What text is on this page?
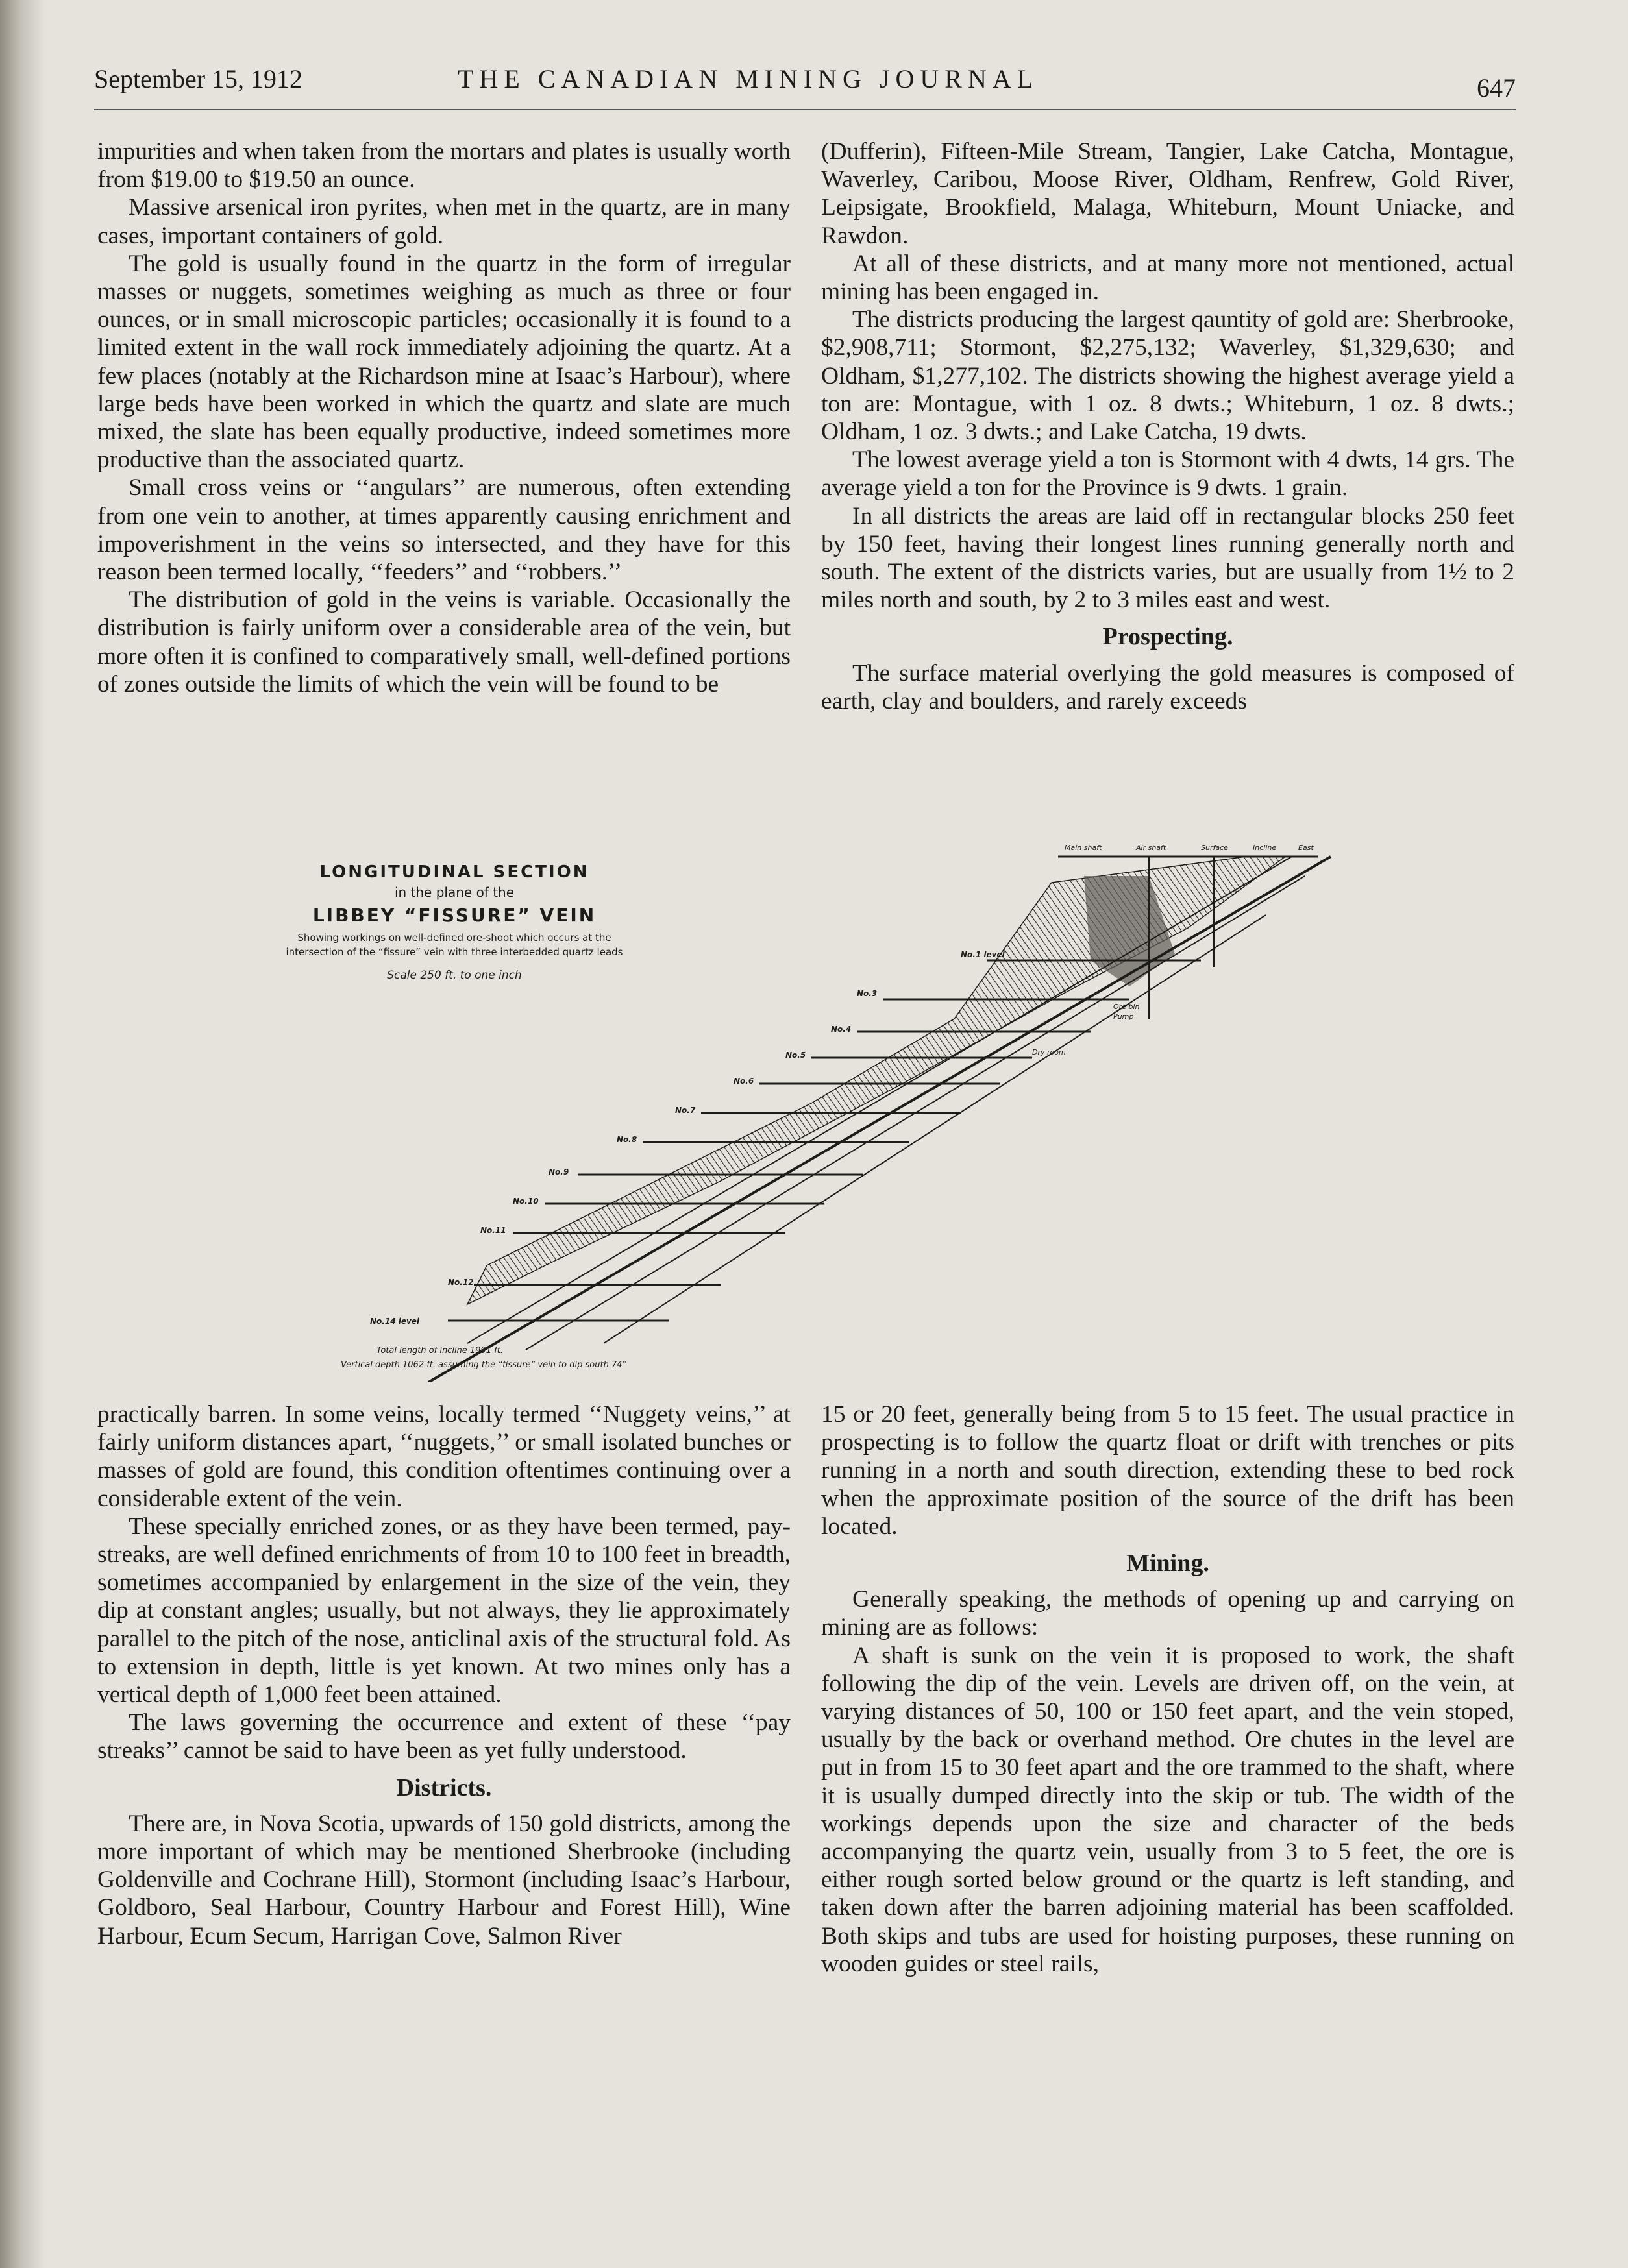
September 15, 1912	THE CANADIAN MINING JOURNAL	647

impurities and when taken from the mortars and plates is usually worth from $19.00 to $19.50 an ounce.

Massive arsenical iron pyrites, when met in the quartz, are in many cases, important containers of gold.

The gold is usually found in the quartz in the form of irregular masses or nuggets, sometimes weighing as much as three or four ounces, or in small microscopic particles; occasionally it is found to a limited extent in the wall rock immediately adjoining the quartz. At a few places (notably at the Richardson mine at Isaac’s Harbour), where large beds have been worked in which the quartz and slate are much mixed, the slate has been equally productive, indeed sometimes more productive than the associated quartz.

Small cross veins or ‘‘angulars’’ are numerous, often extending from one vein to another, at times apparently causing enrichment and impoverishment in the veins so intersected, and they have for this reason been termed locally, ‘‘feeders’’ and ‘‘robbers.’’

The distribution of gold in the veins is variable. Occasionally the distribution is fairly uniform over a considerable area of the vein, but more often it is confined to comparatively small, well-defined portions of zones outside the limits of which the vein will be found to be

(Dufferin), Fifteen-Mile Stream, Tangier, Lake Catcha, Montague, Waverley, Caribou, Moose River, Oldham, Renfrew, Gold River, Leipsigate, Brookfield, Malaga, Whiteburn, Mount Uniacke, and Rawdon.

At all of these districts, and at many more not mentioned, actual mining has been engaged in.

The districts producing the largest qauntity of gold are: Sherbrooke, $2,908,711; Stormont, $2,275,132; Waverley, $1,329,630; and Oldham, $1,277,102. The districts showing the highest average yield a ton are: Montague, with 1 oz. 8 dwts.; Whiteburn, 1 oz. 8 dwts.; Oldham, 1 oz. 3 dwts.; and Lake Catcha, 19 dwts.

The lowest average yield a ton is Stormont with 4 dwts, 14 grs. The average yield a ton for the Province is 9 dwts. 1 grain.

In all districts the areas are laid off in rectangular blocks 250 feet by 150 feet, having their longest lines running generally north and south. The extent of the districts varies, but are usually from 1½ to 2 miles north and south, by 2 to 3 miles east and west.

Prospecting.

The surface material overlying the gold measures is composed of earth, clay and boulders, and rarely exceeds

LONGITUDINAL SECTION
in the plane of the
LIBBEY “FISSURE” VEIN
Showing workings on well-defined ore-shoot which occurs at the
intersection of the “fissure” vein with three interbedded quartz leads
Scale 250 ft. to one inch
Main shaft	Air shaft	Surface	Incline	East
No.1 level
No.3
No.4
No.5
No.6
No.7
No.8
No.9
No.10
No.11
No.12
No.14 level
Ore bin
Pump
Dry room
Total length of incline 1991 ft.
Vertical depth 1062 ft. assuming the “fissure” vein to dip south 74°

practically barren. In some veins, locally termed ‘‘Nuggety veins,’’ at fairly uniform distances apart, ‘‘nuggets,’’ or small isolated bunches or masses of gold are found, this condition oftentimes continuing over a considerable extent of the vein.

These specially enriched zones, or as they have been termed, pay-streaks, are well defined enrichments of from 10 to 100 feet in breadth, sometimes accompanied by enlargement in the size of the vein, they dip at constant angles; usually, but not always, they lie approximately parallel to the pitch of the nose, anticlinal axis of the structural fold. As to extension in depth, little is yet known. At two mines only has a vertical depth of 1,000 feet been attained.

The laws governing the occurrence and extent of these ‘‘pay streaks’’ cannot be said to have been as yet fully understood.

Districts.

There are, in Nova Scotia, upwards of 150 gold districts, among the more important of which may be mentioned Sherbrooke (including Goldenville and Cochrane Hill), Stormont (including Isaac’s Harbour, Goldboro, Seal Harbour, Country Harbour and Forest Hill), Wine Harbour, Ecum Secum, Harrigan Cove, Salmon River

15 or 20 feet, generally being from 5 to 15 feet. The usual practice in prospecting is to follow the quartz float or drift with trenches or pits running in a north and south direction, extending these to bed rock when the approximate position of the source of the drift has been located.

Mining.

Generally speaking, the methods of opening up and carrying on mining are as follows:

A shaft is sunk on the vein it is proposed to work, the shaft following the dip of the vein. Levels are driven off, on the vein, at varying distances of 50, 100 or 150 feet apart, and the vein stoped, usually by the back or overhand method. Ore chutes in the level are put in from 15 to 30 feet apart and the ore trammed to the shaft, where it is usually dumped directly into the skip or tub. The width of the workings depends upon the size and character of the beds accompanying the quartz vein, usually from 3 to 5 feet, the ore is either rough sorted below ground or the quartz is left standing, and taken down after the barren adjoining material has been scaffolded. Both skips and tubs are used for hoisting purposes, these running on wooden guides or steel rails,
